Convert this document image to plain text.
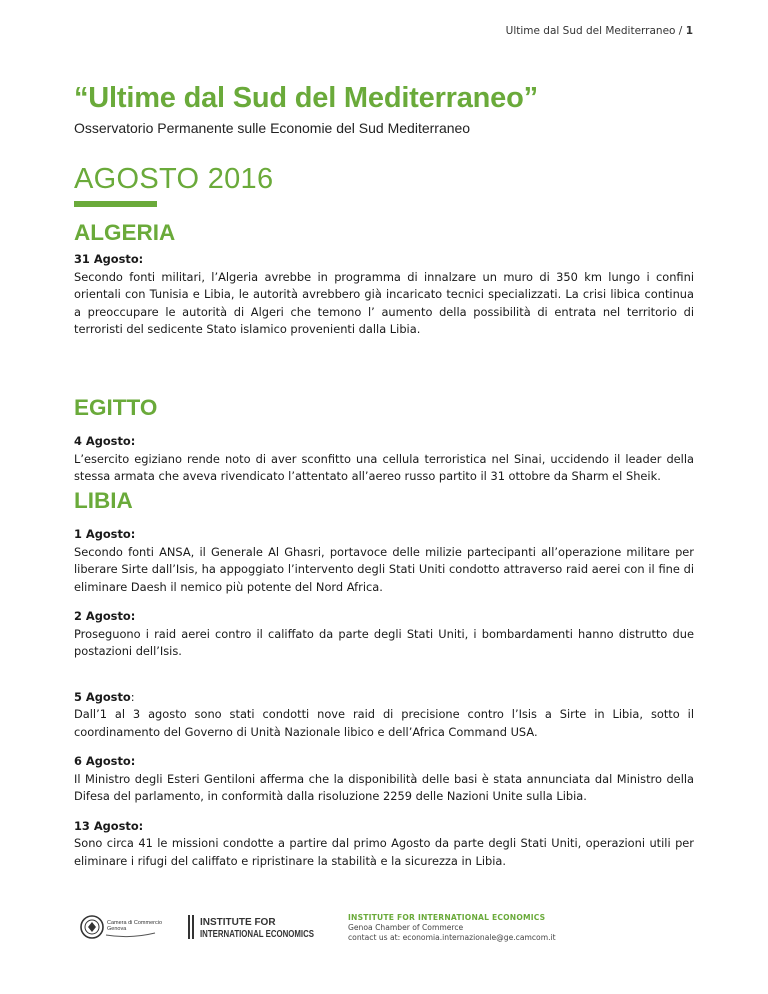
Ultime dal Sud del Mediterraneo / 1
“Ultime dal Sud del Mediterraneo”
Osservatorio Permanente sulle Economie del Sud Mediterraneo
AGOSTO 2016
ALGERIA

31 Agosto:
Secondo fonti militari, l’Algeria avrebbe in programma di innalzare un muro di 350 km lungo i confini orientali con Tunisia e Libia, le autorità avrebbero già incaricato tecnici specializzati. La crisi libica continua a preoccupare le autorità di Algeri che temono l’ aumento della possibilità di entrata nel territorio di terroristi del sedicente Stato islamico provenienti dalla Libia.

EGITTO

4 Agosto:
L’esercito egiziano rende noto di aver sconfitto una cellula terroristica nel Sinai, uccidendo il leader della stessa armata che aveva rivendicato l’attentato all’aereo russo partito il 31 ottobre da Sharm el Sheik.

LIBIA

1 Agosto:
Secondo fonti ANSA, il Generale Al Ghasri, portavoce delle milizie partecipanti all’operazione militare per liberare Sirte dall’Isis, ha appoggiato l’intervento degli Stati Uniti condotto attraverso raid aerei con il fine di eliminare Daesh il nemico più potente del Nord Africa.

2 Agosto:
Proseguono i raid aerei contro il califfato da parte degli Stati Uniti, i bombardamenti hanno distrutto due postazioni dell’Isis.

5 Agosto:
Dall’1 al 3 agosto sono stati condotti nove raid di precisione contro l’Isis a Sirte in Libia, sotto il coordinamento del Governo di Unità Nazionale libico e dell’Africa Command USA.

6 Agosto:
Il Ministro degli Esteri Gentiloni afferma che la disponibilità delle basi è stata annunciata dal Ministro della Difesa del parlamento, in conformità dalla risoluzione 2259 delle Nazioni Unite sulla Libia.

13 Agosto:
Sono circa 41 le missioni condotte a partire dal primo Agosto da parte degli Stati Uniti, operazioni utili per eliminare i rifugi del califfato e ripristinare la stabilità e la sicurezza in Libia.

Camera di Commercio
Genova
INSTITUTE FOR
INTERNATIONAL ECONOMICS
INSTITUTE FOR INTERNATIONAL ECONOMICS
Genoa Chamber of Commerce
contact us at: economia.internazionale@ge.camcom.it
